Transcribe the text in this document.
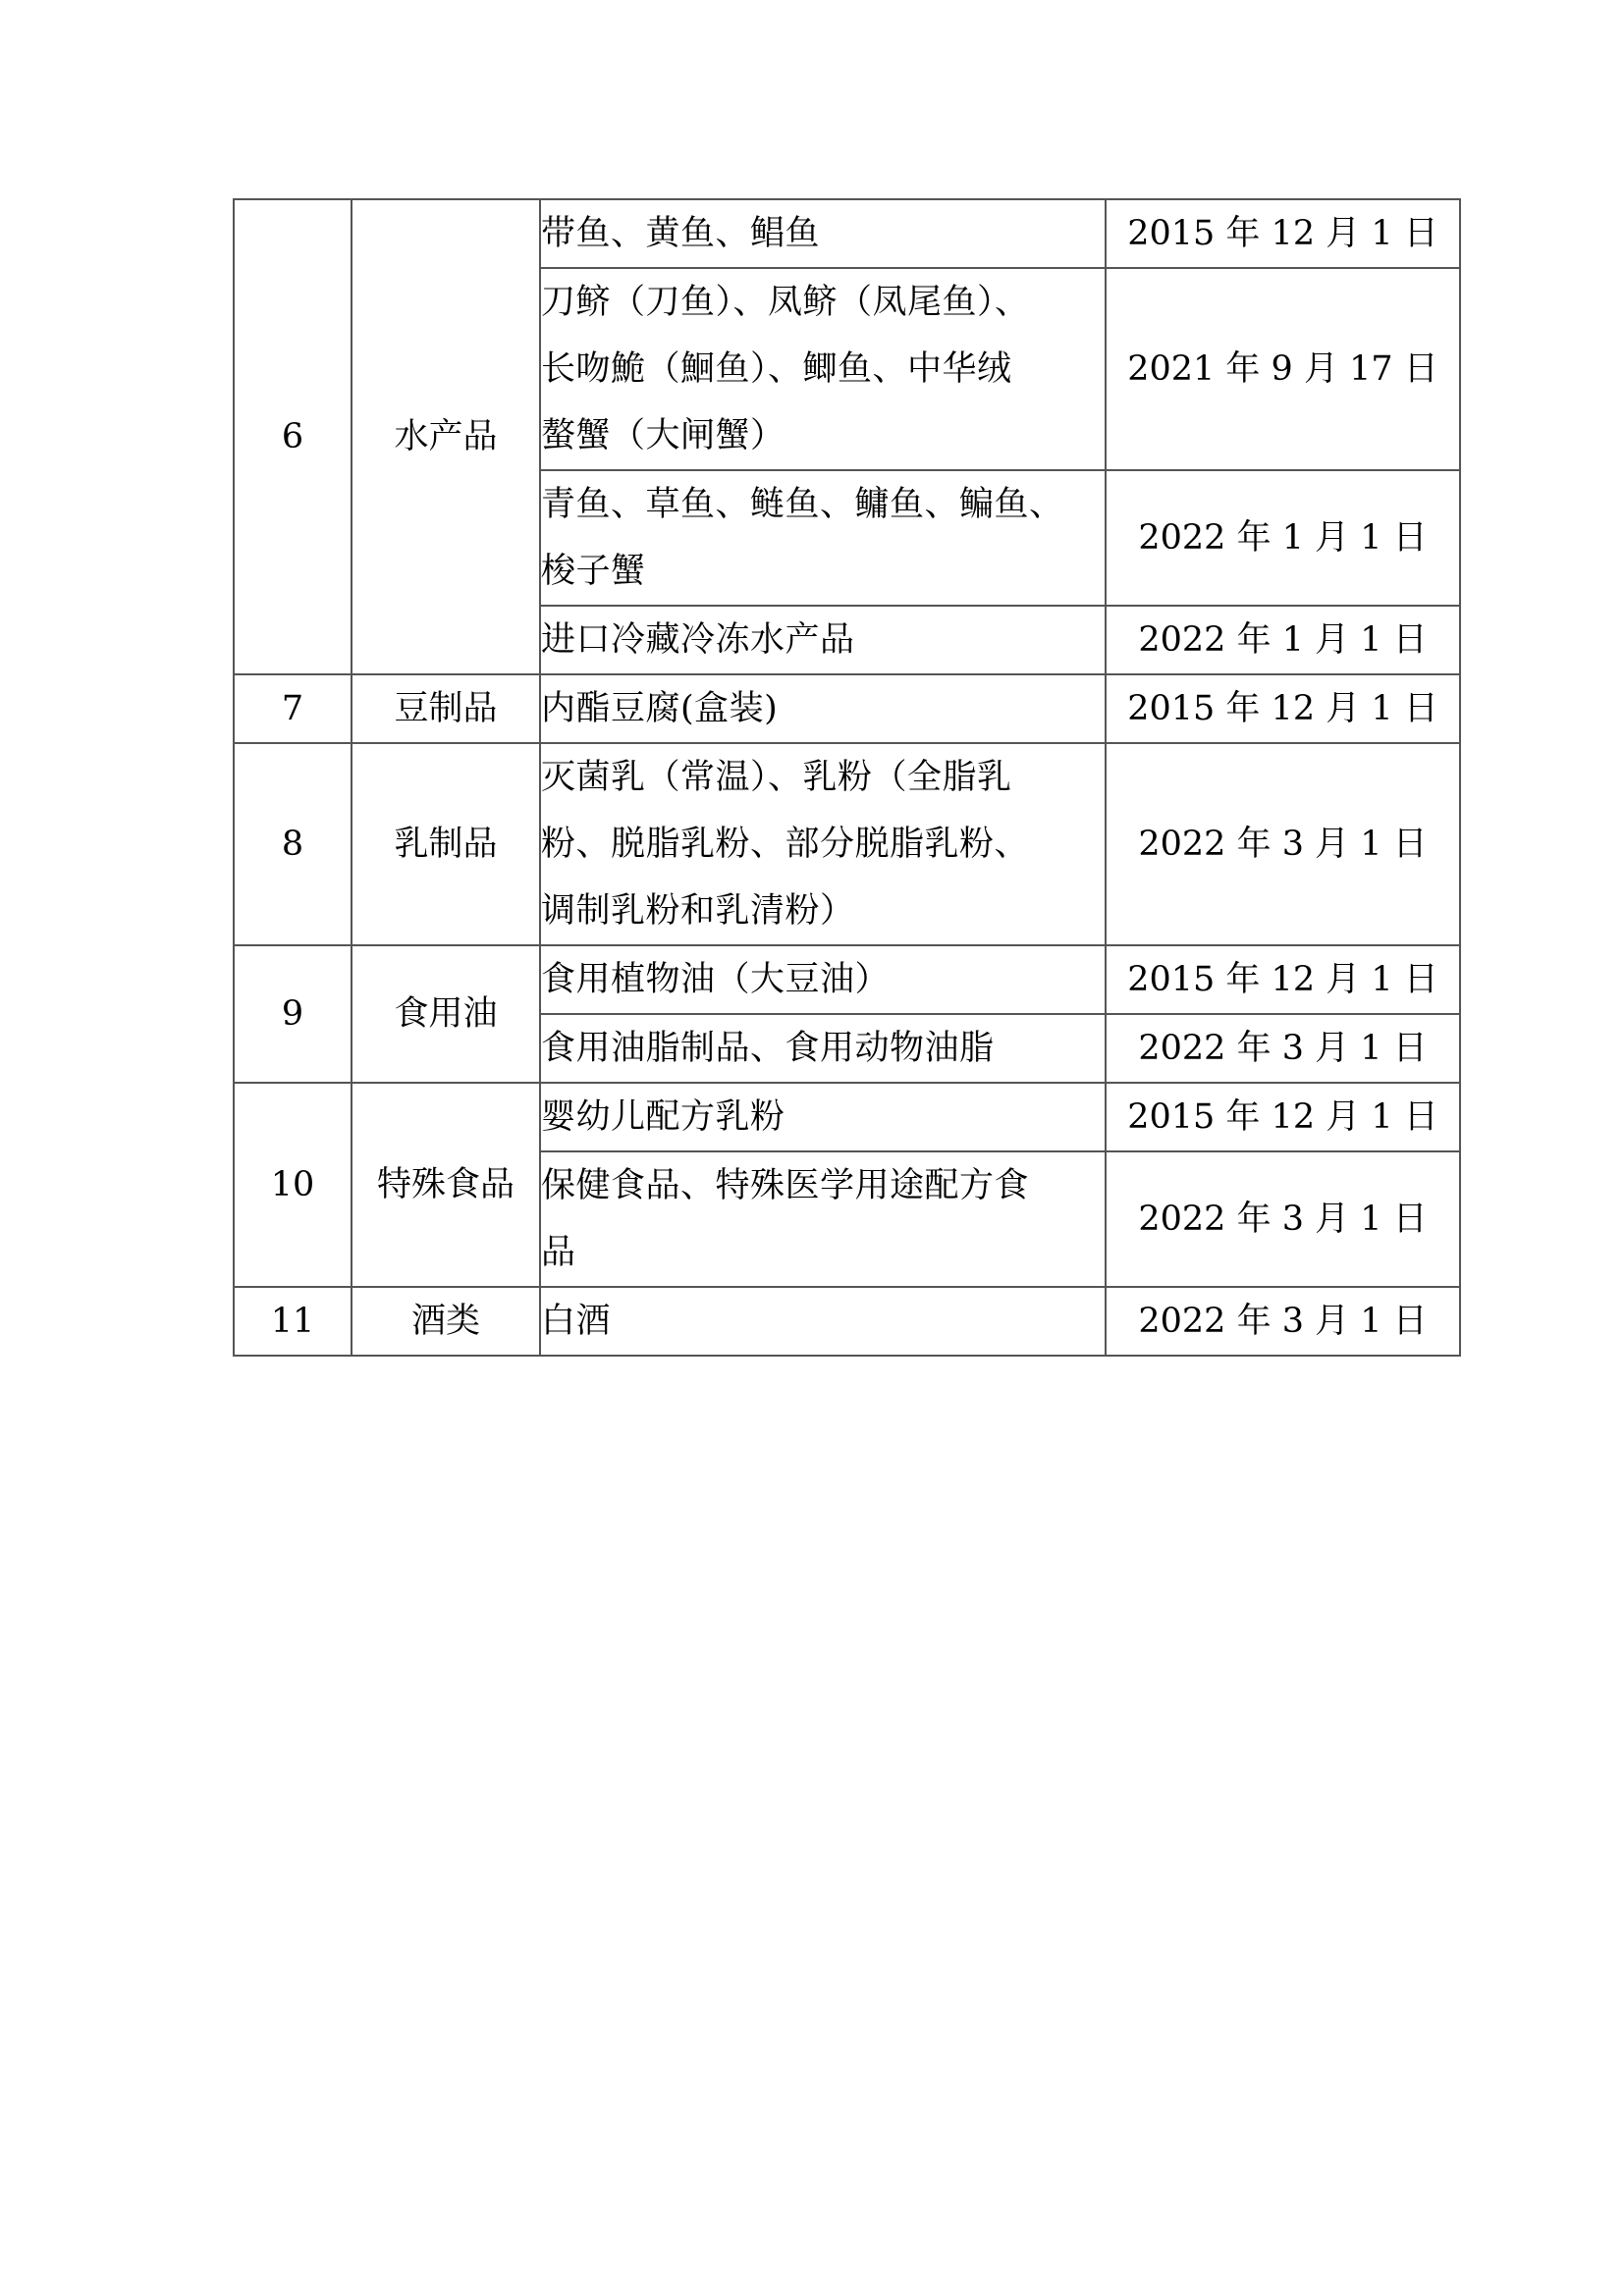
6	水产品	带鱼、黄鱼、鲳鱼	2015 年 12 月 1 日

		刀鲚（刀鱼）、凤鲚（凤尾鱼）、
长吻鮠（鮰鱼）、鲫鱼、中华绒
螯蟹（大闸蟹）	2021 年 9 月 17 日

		青鱼、草鱼、鲢鱼、鳙鱼、鳊鱼、
梭子蟹	2022 年 1 月 1 日

		进口冷藏冷冻水产品	2022 年 1 月 1 日
7	豆制品	内酯豆腐(盒装)	2015 年 12 月 1 日
8	乳制品	灭菌乳（常温）、乳粉（全脂乳
粉、脱脂乳粉、部分脱脂乳粉、
调制乳粉和乳清粉）	2022 年 3 月 1 日
9	食用油	食用植物油（大豆油）	2015 年 12 月 1 日

		食用油脂制品、食用动物油脂	2022 年 3 月 1 日
10	特殊食品	婴幼儿配方乳粉	2015 年 12 月 1 日

		保健食品、特殊医学用途配方食
品	2022 年 3 月 1 日
11	酒类	白酒	2022 年 3 月 1 日
